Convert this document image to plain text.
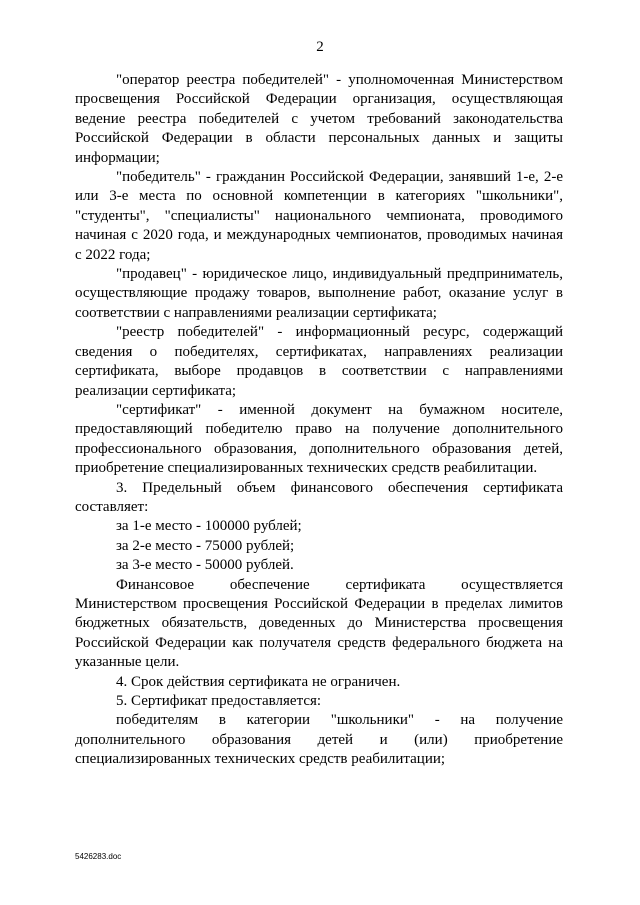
2

"оператор реестра победителей" - уполномоченная Министерством просвещения Российской Федерации организация, осуществляющая ведение реестра победителей с учетом требований законодательства Российской Федерации в области персональных данных и защиты информации;

"победитель" - гражданин Российской Федерации, занявший 1-е, 2-е или 3-е места по основной компетенции в категориях "школьники", "студенты", "специалисты" национального чемпионата, проводимого начиная с 2020 года, и международных чемпионатов, проводимых начиная с 2022 года;

"продавец" - юридическое лицо, индивидуальный предприниматель, осуществляющие продажу товаров, выполнение работ, оказание услуг в соответствии с направлениями реализации сертификата;

"реестр победителей" - информационный ресурс, содержащий сведения о победителях, сертификатах, направлениях реализации сертификата, выборе продавцов в соответствии с направлениями реализации сертификата;

"сертификат" - именной документ на бумажном носителе, предоставляющий победителю право на получение дополнительного профессионального образования, дополнительного образования детей, приобретение специализированных технических средств реабилитации.

3. Предельный объем финансового обеспечения сертификата составляет:

за 1-е место - 100000 рублей;

за 2-е место - 75000 рублей;

за 3-е место - 50000 рублей.

Финансовое обеспечение сертификата осуществляется Министерством просвещения Российской Федерации в пределах лимитов бюджетных обязательств, доведенных до Министерства просвещения Российской Федерации как получателя средств федерального бюджета на указанные цели.

4. Срок действия сертификата не ограничен.

5. Сертификат предоставляется:

победителям в категории "школьники" - на получение дополнительного образования детей и (или) приобретение специализированных технических средств реабилитации;

5426283.doc
